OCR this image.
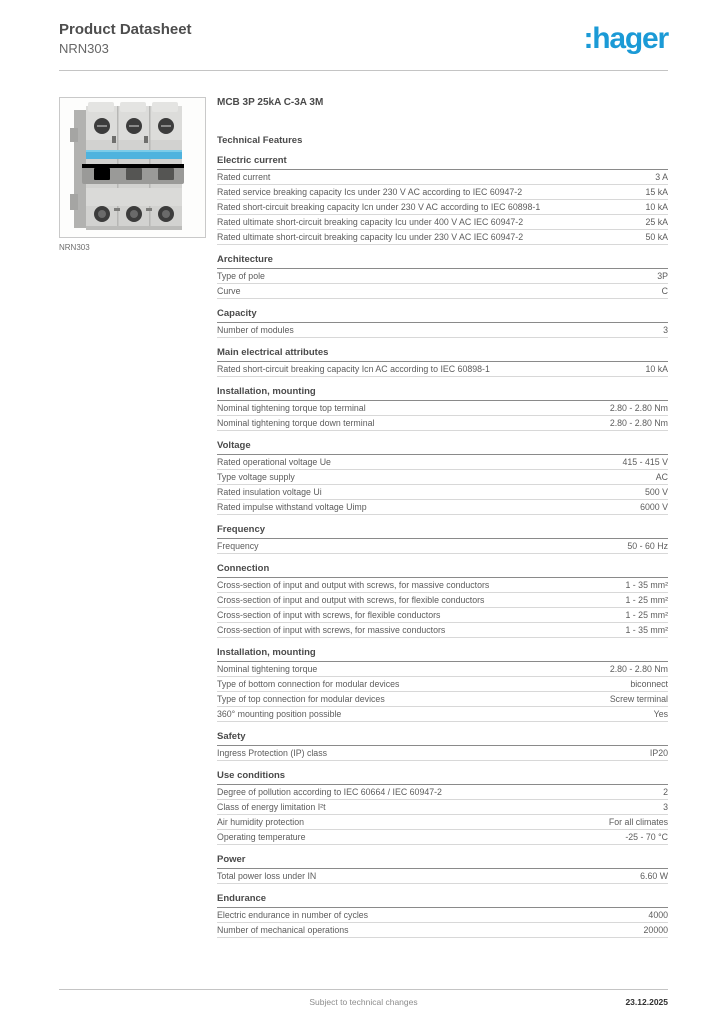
Product Datasheet
NRN303	:hager
NRN303
MCB 3P 25kA C-3A 3M
Technical Features
Electric current
Rated current	3 A
Rated service breaking capacity Ics under 230 V AC according to IEC 60947-2	15 kA
Rated short-circuit breaking capacity Icn under 230 V AC according to IEC 60898-1	10 kA
Rated ultimate short-circuit breaking capacity Icu under 400 V AC IEC 60947-2	25 kA
Rated ultimate short-circuit breaking capacity Icu under 230 V AC IEC 60947-2	50 kA
Architecture
Type of pole	3P
Curve	C
Capacity
Number of modules	3
Main electrical attributes
Rated short-circuit breaking capacity Icn AC according to IEC 60898-1	10 kA
Installation, mounting
Nominal tightening torque top terminal	2.80 - 2.80 Nm
Nominal tightening torque down terminal	2.80 - 2.80 Nm
Voltage
Rated operational voltage Ue	415 - 415 V
Type voltage supply	AC
Rated insulation voltage Ui	500 V
Rated impulse withstand voltage Uimp	6000 V
Frequency
Frequency	50 - 60 Hz
Connection
Cross-section of input and output with screws, for massive conductors	1 - 35 mm²
Cross-section of input and output with screws, for flexible conductors	1 - 25 mm²
Cross-section of input with screws, for flexible conductors	1 - 25 mm²
Cross-section of input with screws, for massive conductors	1 - 35 mm²
Installation, mounting
Nominal tightening torque	2.80 - 2.80 Nm
Type of bottom connection for modular devices	biconnect
Type of top connection for modular devices	Screw terminal
360° mounting position possible	Yes
Safety
Ingress Protection (IP) class	IP20
Use conditions
Degree of pollution according to IEC 60664 / IEC 60947-2	2
Class of energy limitation I²t	3
Air humidity protection	For all climates
Operating temperature	-25 - 70 °C
Power
Total power loss under IN	6.60 W
Endurance
Electric endurance in number of cycles	4000
Number of mechanical operations	20000
Subject to technical changes	23.12.2025
